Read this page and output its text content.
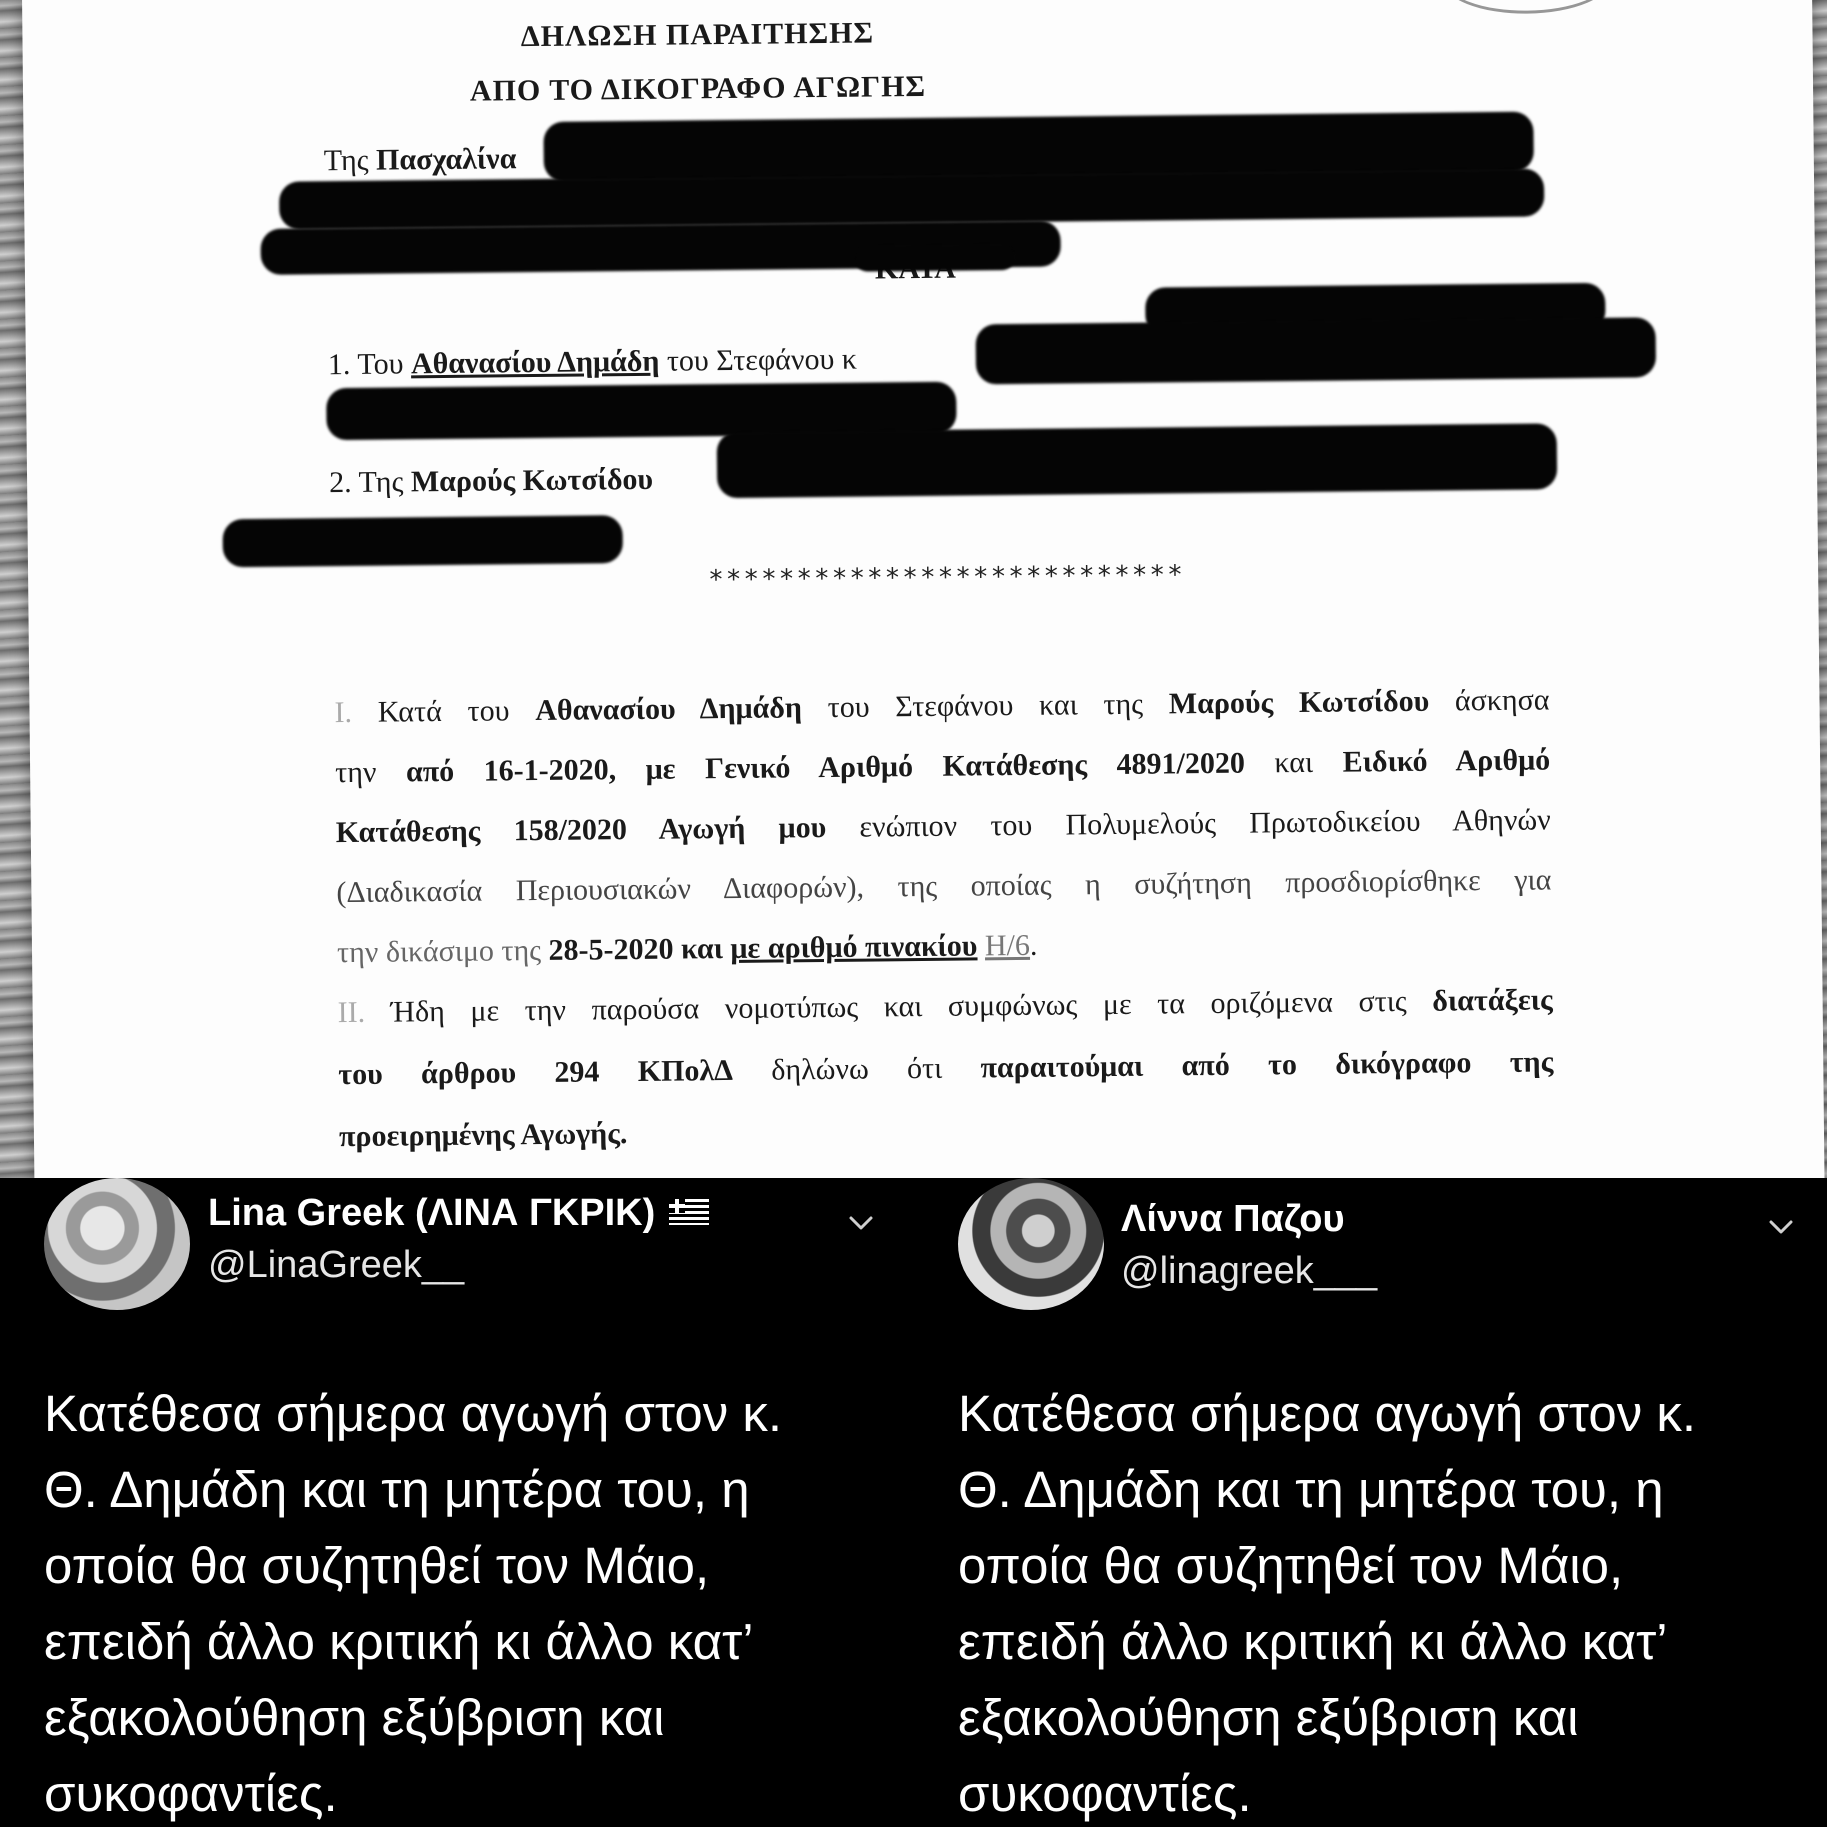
ΔΗΛΩΣΗ ΠΑΡΑΙΤΗΣΗΣ
ΑΠΟ ΤΟ ΔΙΚΟΓΡΑΦΟ ΑΓΩΓΗΣ
Της Πασχαλίνα
1. Του Αθανασίου Δημάδη του Στεφάνου κ
2. Της Μαρούς Κωτσίδου
***************************
Ι. Κατά του Αθανασίου Δημάδη του Στεφάνου και της Μαρούς Κωτσίδου άσκησα
την από 16-1-2020, με Γενικό Αριθμό Κατάθεσης 4891/2020 και Ειδικό Αριθμό
Κατάθεσης 158/2020 Αγωγή μου ενώπιον του Πολυμελούς Πρωτοδικείου Αθηνών
(Διαδικασία Περιουσιακών Διαφορών), της οποίας η συζήτηση προσδιορίσθηκε για
την δικάσιμο της 28-5-2020 και με αριθμό πινακίου Η/6.
ΙΙ. Ήδη με την παρούσα νομοτύπως και συμφώνως με τα οριζόμενα στις διατάξεις
του άρθρου 294 ΚΠολΔ δηλώνω ότι παραιτούμαι από το δικόγραφο της
προειρημένης Αγωγής.
Lina Greek (ΛΙΝΑ ΓΚΡΙΚ)
@LinaGreek__
Κατέθεσα σήμερα αγωγή στον κ.
Θ. Δημάδη και τη μητέρα του, η
οποία θα συζητηθεί τον Μάιο,
επειδή άλλο κριτική κι άλλο κατ’
εξακολούθηση εξύβριση και
συκοφαντίες.
Λίννα Παζου
@linagreek___
Κατέθεσα σήμερα αγωγή στον κ.
Θ. Δημάδη και τη μητέρα του, η
οποία θα συζητηθεί τον Μάιο,
επειδή άλλο κριτική κι άλλο κατ’
εξακολούθηση εξύβριση και
συκοφαντίες.
